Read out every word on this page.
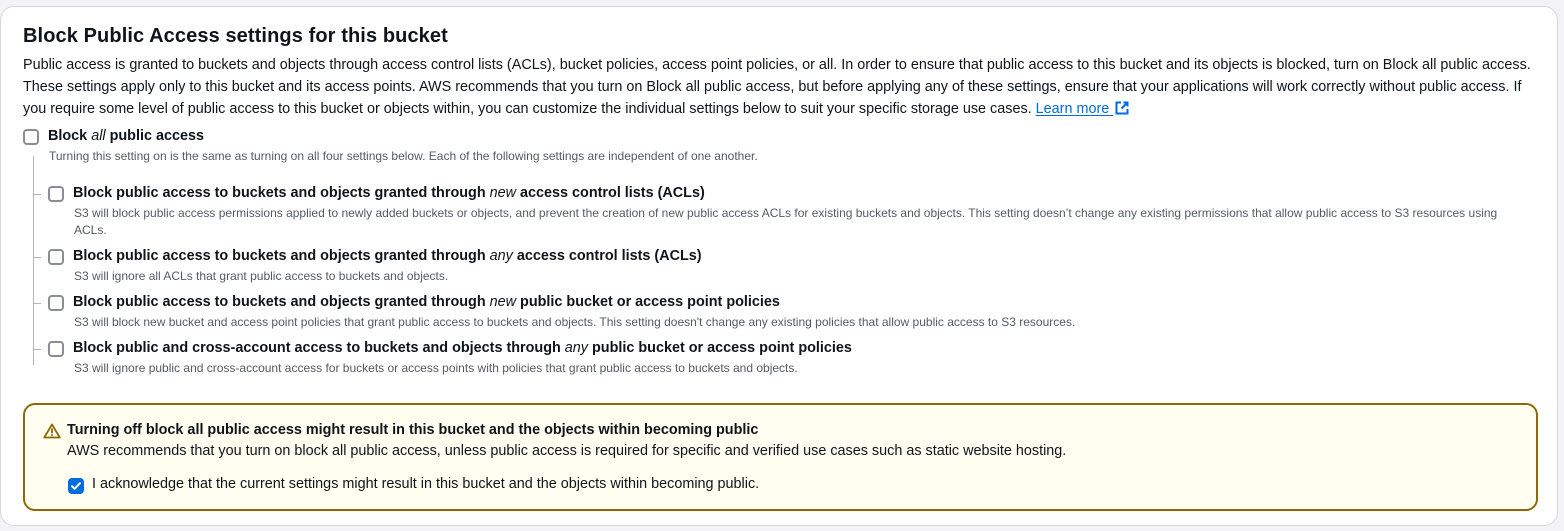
Block Public Access settings for this bucket

Public access is granted to buckets and objects through access control lists (ACLs), bucket policies, access point policies, or all. In order to ensure that public access to this bucket and its objects is blocked, turn on Block all public access. These settings apply only to this bucket and its access points. AWS recommends that you turn on Block all public access, but before applying any of these settings, ensure that your applications will work correctly without public access. If you require some level of public access to this bucket or objects within, you can customize the individual settings below to suit your specific storage use cases. Learn more

Block all public access
Turning this setting on is the same as turning on all four settings below. Each of the following settings are independent of one another.
Block public access to buckets and objects granted through new access control lists (ACLs)
S3 will block public access permissions applied to newly added buckets or objects, and prevent the creation of new public access ACLs for existing buckets and objects. This setting doesn’t change any existing permissions that allow public access to S3 resources using ACLs.
Block public access to buckets and objects granted through any access control lists (ACLs)
S3 will ignore all ACLs that grant public access to buckets and objects.
Block public access to buckets and objects granted through new public bucket or access point policies
S3 will block new bucket and access point policies that grant public access to buckets and objects. This setting doesn't change any existing policies that allow public access to S3 resources.
Block public and cross-account access to buckets and objects through any public bucket or access point policies
S3 will ignore public and cross-account access for buckets or access points with policies that grant public access to buckets and objects.
Turning off block all public access might result in this bucket and the objects within becoming public
AWS recommends that you turn on block all public access, unless public access is required for specific and verified use cases such as static website hosting.
I acknowledge that the current settings might result in this bucket and the objects within becoming public.
